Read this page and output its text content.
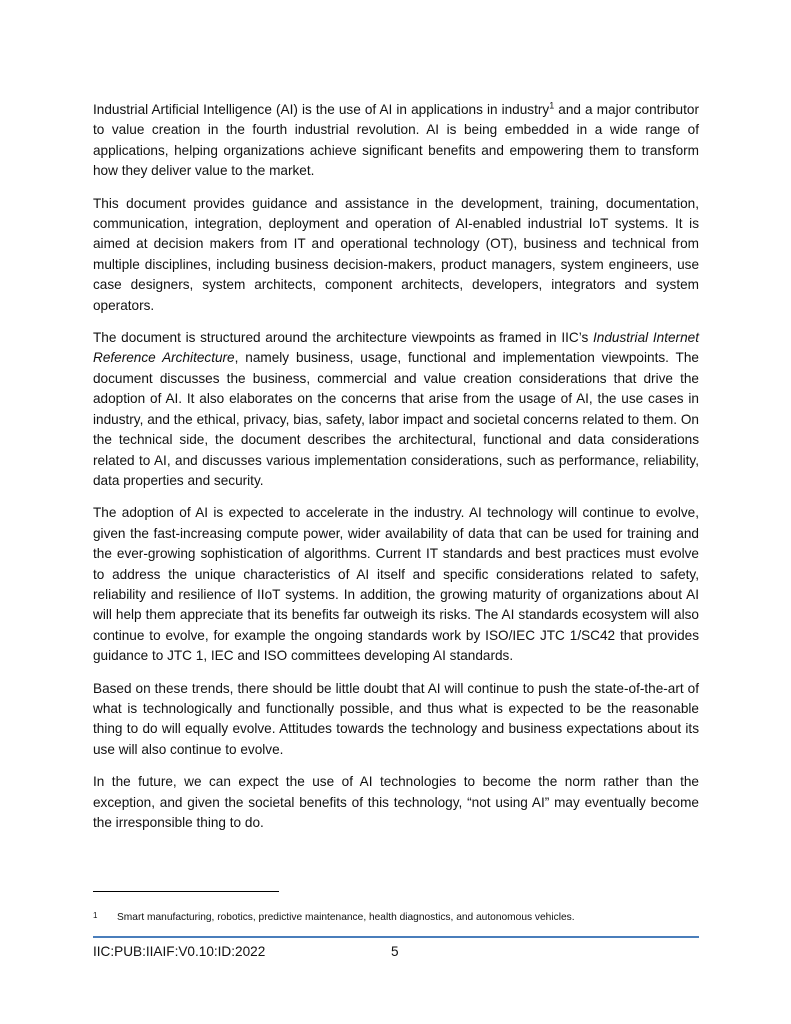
Industrial Artificial Intelligence (AI) is the use of AI in applications in industry$^1$ and a major contributor to value creation in the fourth industrial revolution. AI is being embedded in a wide range of applications, helping organizations achieve significant benefits and empowering them to transform how they deliver value to the market.

This document provides guidance and assistance in the development, training, documentation, communication, integration, deployment and operation of AI-enabled industrial IoT systems. It is aimed at decision makers from IT and operational technology (OT), business and technical from multiple disciplines, including business decision-makers, product managers, system engineers, use case designers, system architects, component architects, developers, integrators and system operators.

The document is structured around the architecture viewpoints as framed in IIC’s Industrial Internet Reference Architecture, namely business, usage, functional and implementation viewpoints. The document discusses the business, commercial and value creation considerations that drive the adoption of AI. It also elaborates on the concerns that arise from the usage of AI, the use cases in industry, and the ethical, privacy, bias, safety, labor impact and societal concerns related to them. On the technical side, the document describes the architectural, functional and data considerations related to AI, and discusses various implementation considerations, such as performance, reliability, data properties and security.

The adoption of AI is expected to accelerate in the industry. AI technology will continue to evolve, given the fast-increasing compute power, wider availability of data that can be used for training and the ever-growing sophistication of algorithms. Current IT standards and best practices must evolve to address the unique characteristics of AI itself and specific considerations related to safety, reliability and resilience of IIoT systems. In addition, the growing maturity of organizations about AI will help them appreciate that its benefits far outweigh its risks. The AI standards ecosystem will also continue to evolve, for example the ongoing standards work by ISO/IEC JTC 1/SC42 that provides guidance to JTC 1, IEC and ISO committees developing AI standards.

Based on these trends, there should be little doubt that AI will continue to push the state-of-the-art of what is technologically and functionally possible, and thus what is expected to be the reasonable thing to do will equally evolve. Attitudes towards the technology and business expectations about its use will also continue to evolve.

In the future, we can expect the use of AI technologies to become the norm rather than the exception, and given the societal benefits of this technology, “not using AI” may eventually become the irresponsible thing to do.

1 Smart manufacturing, robotics, predictive maintenance, health diagnostics, and autonomous vehicles.
IIC:PUB:IIAIF:V0.10:ID:2022	5
